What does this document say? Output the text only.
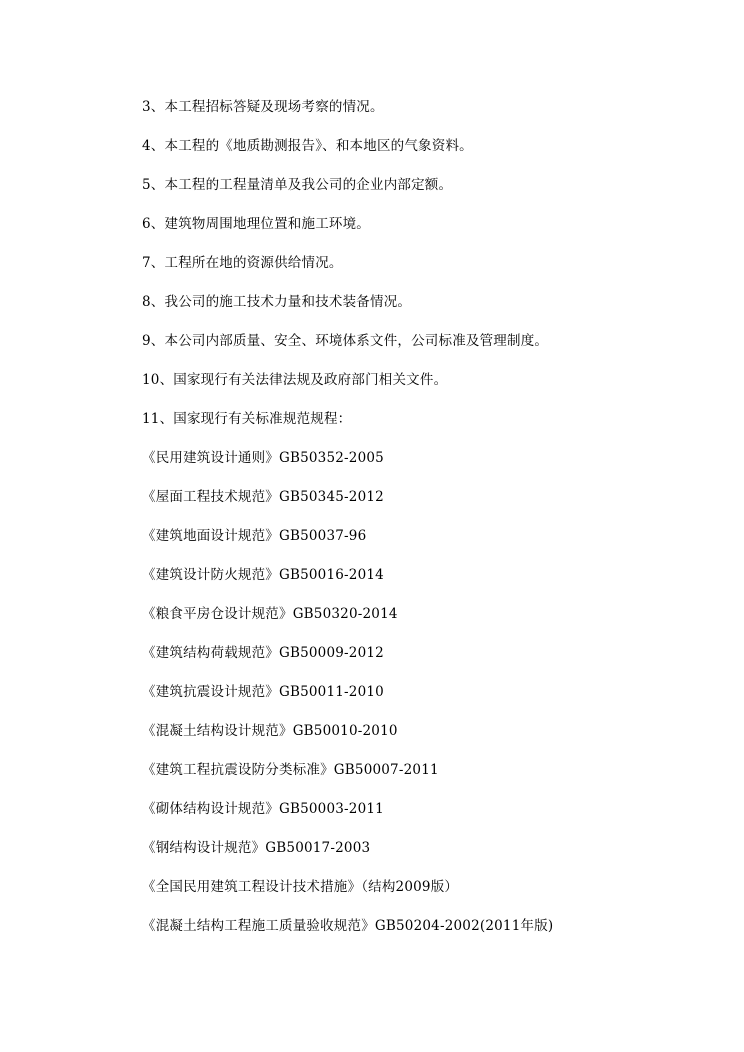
3、本工程招标答疑及现场考察的情况。
4、本工程的《地质勘测报告》、和本地区的气象资料。
5、本工程的工程量清单及我公司的企业内部定额。
6、建筑物周围地理位置和施工环境。
7、工程所在地的资源供给情况。
8、我公司的施工技术力量和技术装备情况。
9、本公司内部质量、安全、环境体系文件，公司标准及管理制度。
10、国家现行有关法律法规及政府部门相关文件。
11、国家现行有关标准规范规程：
《民用建筑设计通则》GB50352-2005
《屋面工程技术规范》GB50345-2012
《建筑地面设计规范》GB50037-96
《建筑设计防火规范》GB50016-2014
《粮食平房仓设计规范》GB50320-2014
《建筑结构荷载规范》GB50009-2012
《建筑抗震设计规范》GB50011-2010
《混凝土结构设计规范》GB50010-2010
《建筑工程抗震设防分类标准》GB50007-2011
《砌体结构设计规范》GB50003-2011
《钢结构设计规范》GB50017-2003
《全国民用建筑工程设计技术措施》（结构2009版）
《混凝土结构工程施工质量验收规范》GB50204-2002(2011年版)
